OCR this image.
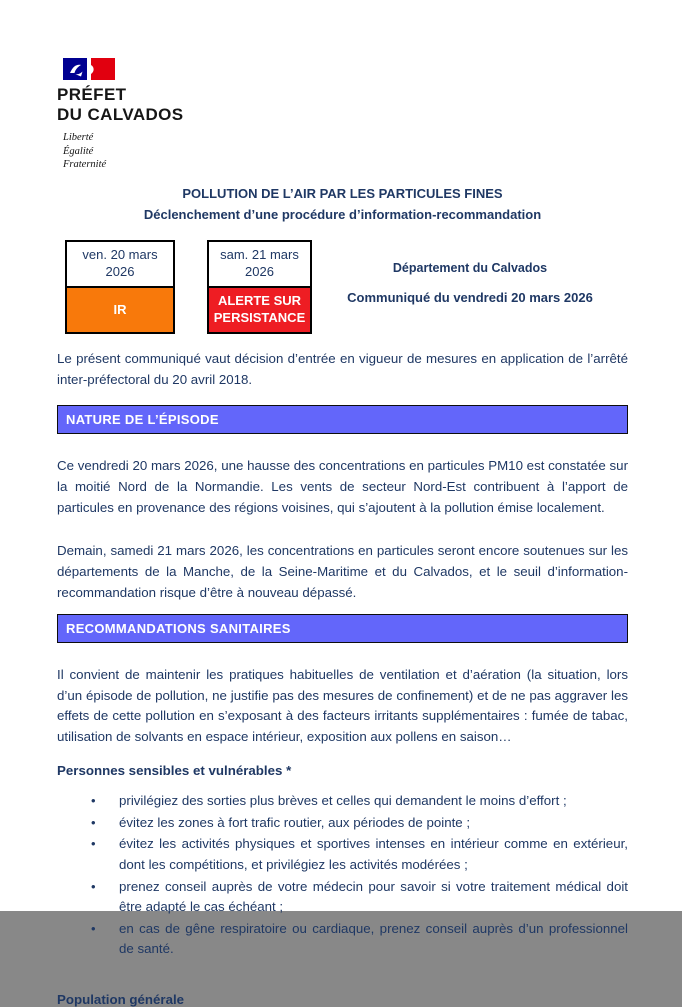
PRÉFET
DU CALVADOS
Liberté
Égalité
Fraternité
POLLUTION DE L’AIR PAR LES PARTICULES FINES
Déclenchement d’une procédure d’information-recommandation
ven. 20 mars
2026
IR
sam. 21 mars
2026
ALERTE SUR PERSISTANCE
Département du Calvados
Communiqué du vendredi 20 mars 2026

Le présent communiqué vaut décision d’entrée en vigueur de mesures en application de l’arrêté inter-préfectoral du 20 avril 2018.

NATURE DE L’ÉPISODE

Ce vendredi 20 mars 2026, une hausse des concentrations en particules PM10 est constatée sur la moitié Nord de la Normandie. Les vents de secteur Nord-Est contribuent à l’apport de particules en provenance des régions voisines, qui s’ajoutent à la pollution émise localement.

Demain, samedi 21 mars 2026, les concentrations en particules seront encore soutenues sur les départements de la Manche, de la Seine-Maritime et du Calvados, et le seuil d’information-recommandation risque d’être à nouveau dépassé.

RECOMMANDATIONS SANITAIRES

Il convient de maintenir les pratiques habituelles de ventilation et d’aération (la situation, lors d’un épisode de pollution, ne justifie pas des mesures de confinement) et de ne pas aggraver les effets de cette pollution en s’exposant à des facteurs irritants supplémentaires : fumée de tabac, utilisation de solvants en espace intérieur, exposition aux pollens en saison…

Personnes sensibles et vulnérables *
• privilégiez des sorties plus brèves et celles qui demandent le moins d’effort ;
• évitez les zones à fort trafic routier, aux périodes de pointe ;
• évitez les activités physiques et sportives intenses en intérieur comme en extérieur, dont les compétitions, et privilégiez les activités modérées ;
• prenez conseil auprès de votre médecin pour savoir si votre traitement médical doit être adapté le cas échéant ;
• en cas de gêne respiratoire ou cardiaque, prenez conseil auprès d’un professionnel de santé.
Population générale
